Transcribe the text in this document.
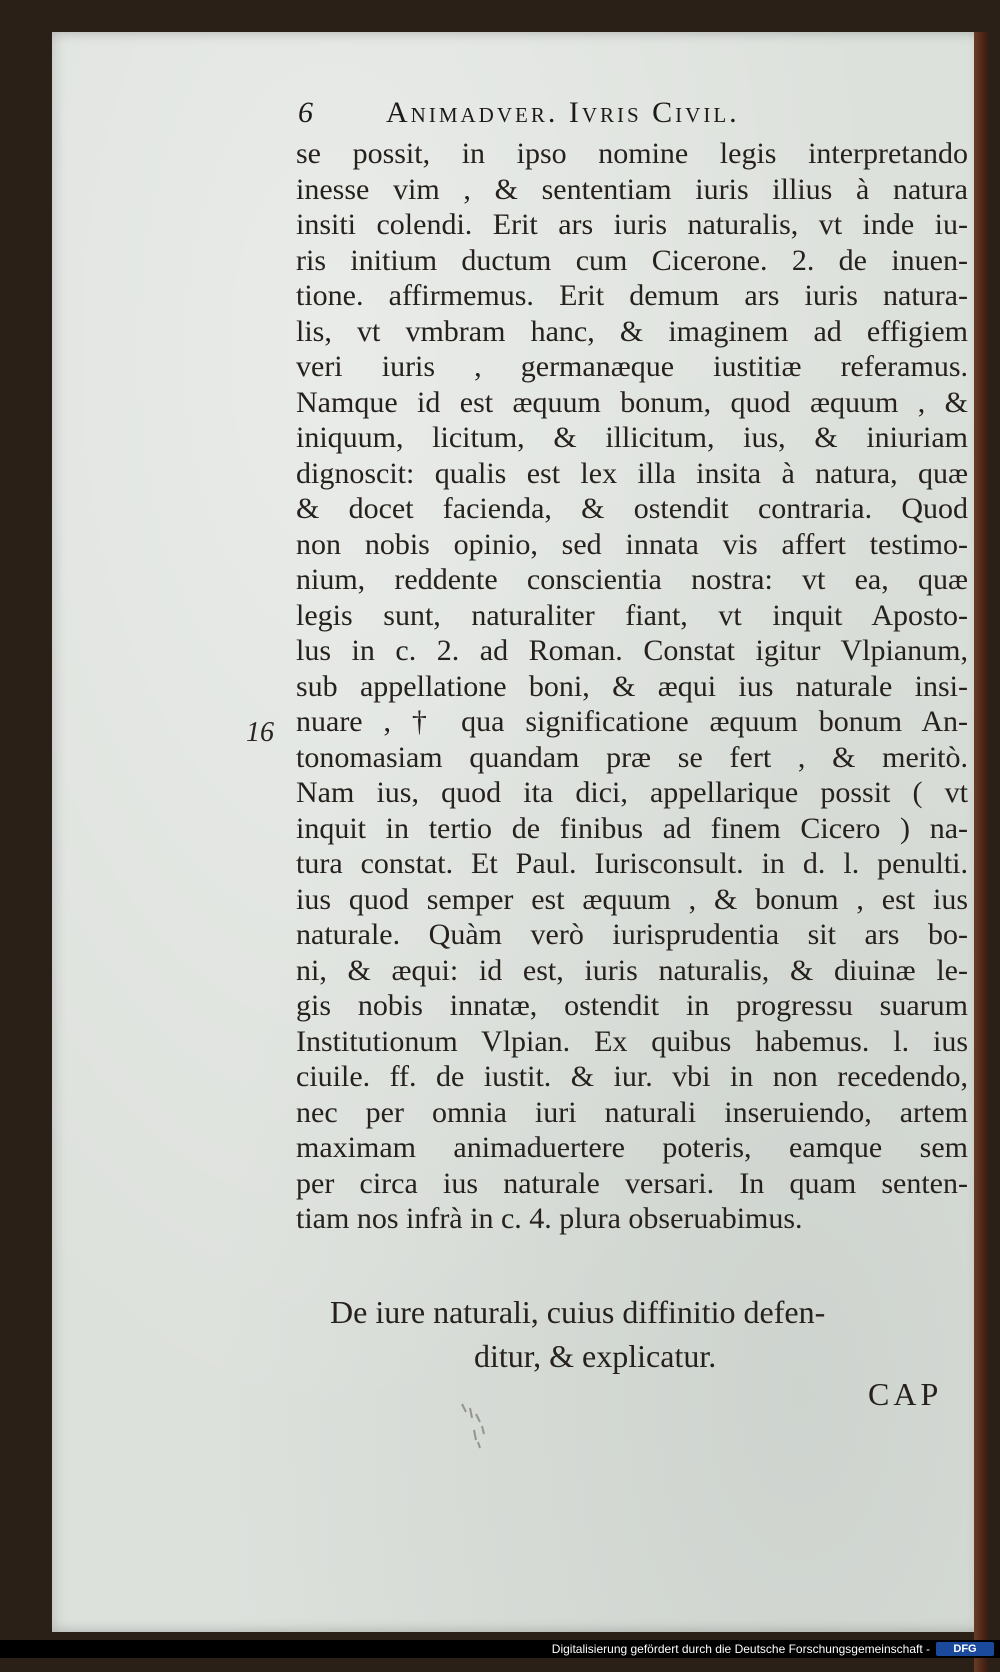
6 Animadver. Ivris Civil.
se possit, in ipso nomine legis interpretando
inesse vim , & sententiam iuris illius à natura
insiti colendi. Erit ars iuris naturalis, vt inde iu-
ris initium ductum cum Cicerone. 2. de inuen-
tione. affirmemus. Erit demum ars iuris natura-
lis, vt vmbram hanc, & imaginem ad effigiem
veri iuris , germanæque iustitiæ referamus.
Namque id est æquum bonum, quod æquum , &
iniquum, licitum, & illicitum, ius, & iniuriam
dignoscit: qualis est lex illa insita à natura, quæ
& docet facienda, & ostendit contraria. Quod
non nobis opinio, sed innata vis affert testimo-
nium, reddente conscientia nostra: vt ea, quæ
legis sunt, naturaliter fiant, vt inquit Aposto-
lus in c. 2. ad Roman. Constat igitur Vlpianum,
sub appellatione boni, & æqui ius naturale insi-
nuare , † qua significatione æquum bonum An-
tonomasiam quandam præ se fert , & meritò.
Nam ius, quod ita dici, appellarique possit ( vt
inquit in tertio de finibus ad finem Cicero ) na-
tura constat. Et Paul. Iurisconsult. in d. l. penulti.
ius quod semper est æquum , & bonum , est ius
naturale. Quàm verò iurisprudentia sit ars bo-
ni, & æqui: id est, iuris naturalis, & diuinæ le-
gis nobis innatæ, ostendit in progressu suarum
Institutionum Vlpian. Ex quibus habemus. l. ius
ciuile. ff. de iustit. & iur. vbi in non recedendo,
nec per omnia iuri naturali inseruiendo, artem
maximam animaduertere poteris, eamque sem
per circa ius naturale versari. In quam senten-
tiam nos infrà in c. 4. plura obseruabimus.
16
De iure naturali, cuius diffinitio defen-
ditur, & explicatur.
CAP
Digitalisierung gefördert durch die Deutsche Forschungsgemeinschaft -	DFG
